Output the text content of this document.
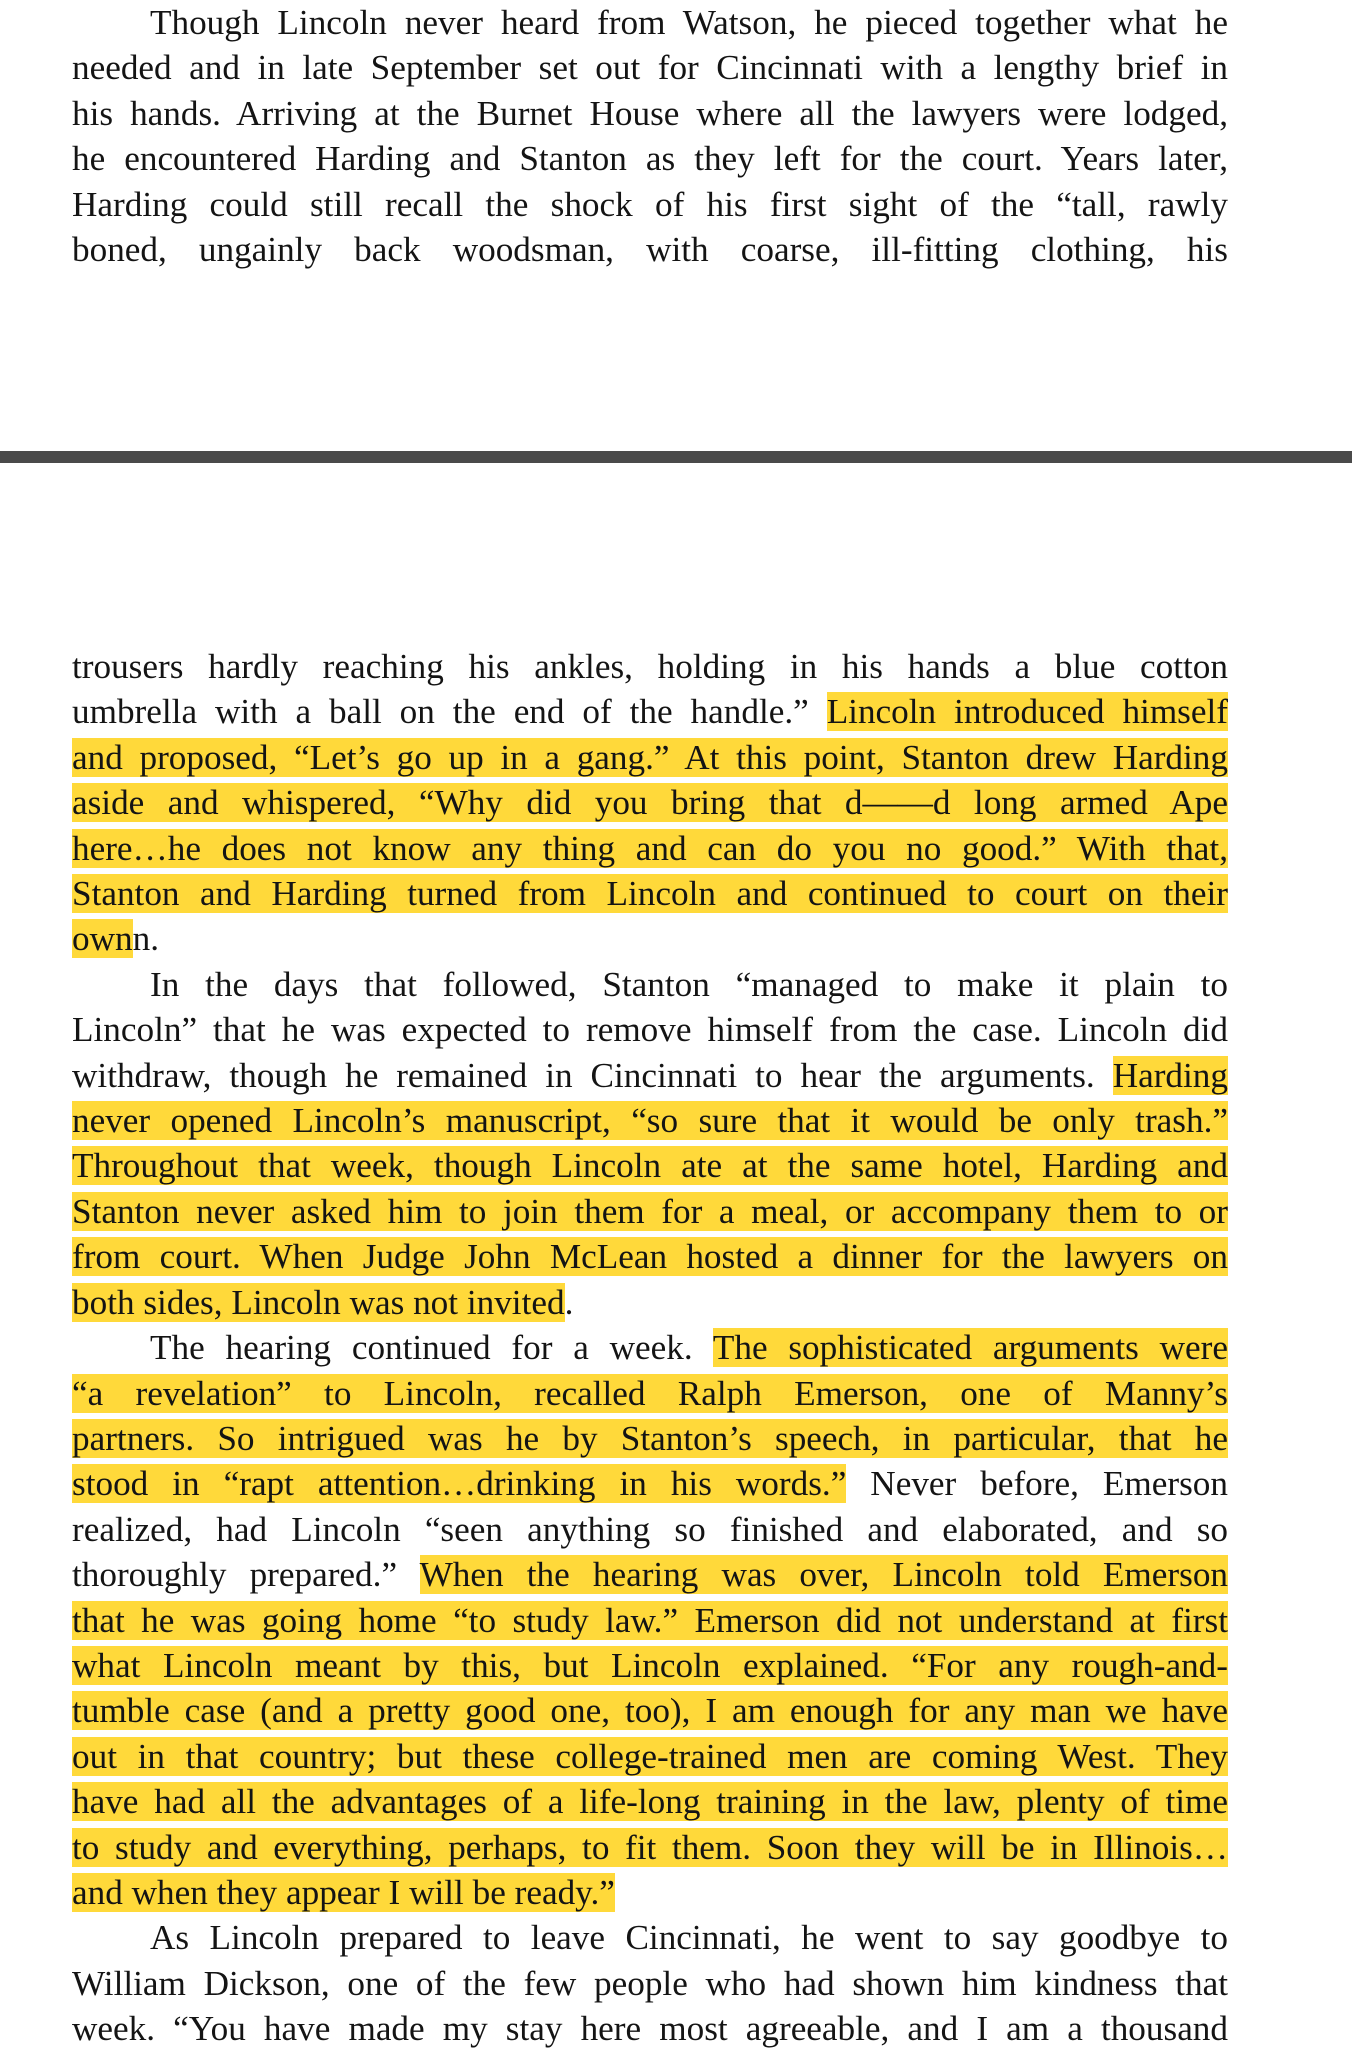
Though Lincoln never heard from Watson, he pieced together what he
needed and in late September set out for Cincinnati with a lengthy brief in
his hands. Arriving at the Burnet House where all the lawyers were lodged,
he encountered Harding and Stanton as they left for the court. Years later,
Harding could still recall the shock of his first sight of the “tall, rawly
boned, ungainly back woodsman, with coarse, ill-fitting clothing, his

trousers hardly reaching his ankles, holding in his hands a blue cotton
umbrella with a ball on the end of the handle.” Lincoln introduced himself
and proposed, “Let’s go up in a gang.” At this point, Stanton drew Harding
aside and whispered, “Why did you bring that d——d long armed Ape
here…he does not know any thing and can do you no good.” With that,
Stanton and Harding turned from Lincoln and continued to court on their
ownn.

In the days that followed, Stanton “managed to make it plain to
Lincoln” that he was expected to remove himself from the case. Lincoln did
withdraw, though he remained in Cincinnati to hear the arguments. Harding
never opened Lincoln’s manuscript, “so sure that it would be only trash.”
Throughout that week, though Lincoln ate at the same hotel, Harding and
Stanton never asked him to join them for a meal, or accompany them to or
from court. When Judge John McLean hosted a dinner for the lawyers on
both sides, Lincoln was not invited.

The hearing continued for a week. The sophisticated arguments were
“a revelation” to Lincoln, recalled Ralph Emerson, one of Manny’s
partners. So intrigued was he by Stanton’s speech, in particular, that he
stood in “rapt attention…drinking in his words.” Never before, Emerson
realized, had Lincoln “seen anything so finished and elaborated, and so
thoroughly prepared.” When the hearing was over, Lincoln told Emerson
that he was going home “to study law.” Emerson did not understand at first
what Lincoln meant by this, but Lincoln explained. “For any rough-and-
tumble case (and a pretty good one, too), I am enough for any man we have
out in that country; but these college-trained men are coming West. They
have had all the advantages of a life-long training in the law, plenty of time
to study and everything, perhaps, to fit them. Soon they will be in Illinois…
and when they appear I will be ready.”

As Lincoln prepared to leave Cincinnati, he went to say goodbye to
William Dickson, one of the few people who had shown him kindness that
week. “You have made my stay here most agreeable, and I am a thousand
